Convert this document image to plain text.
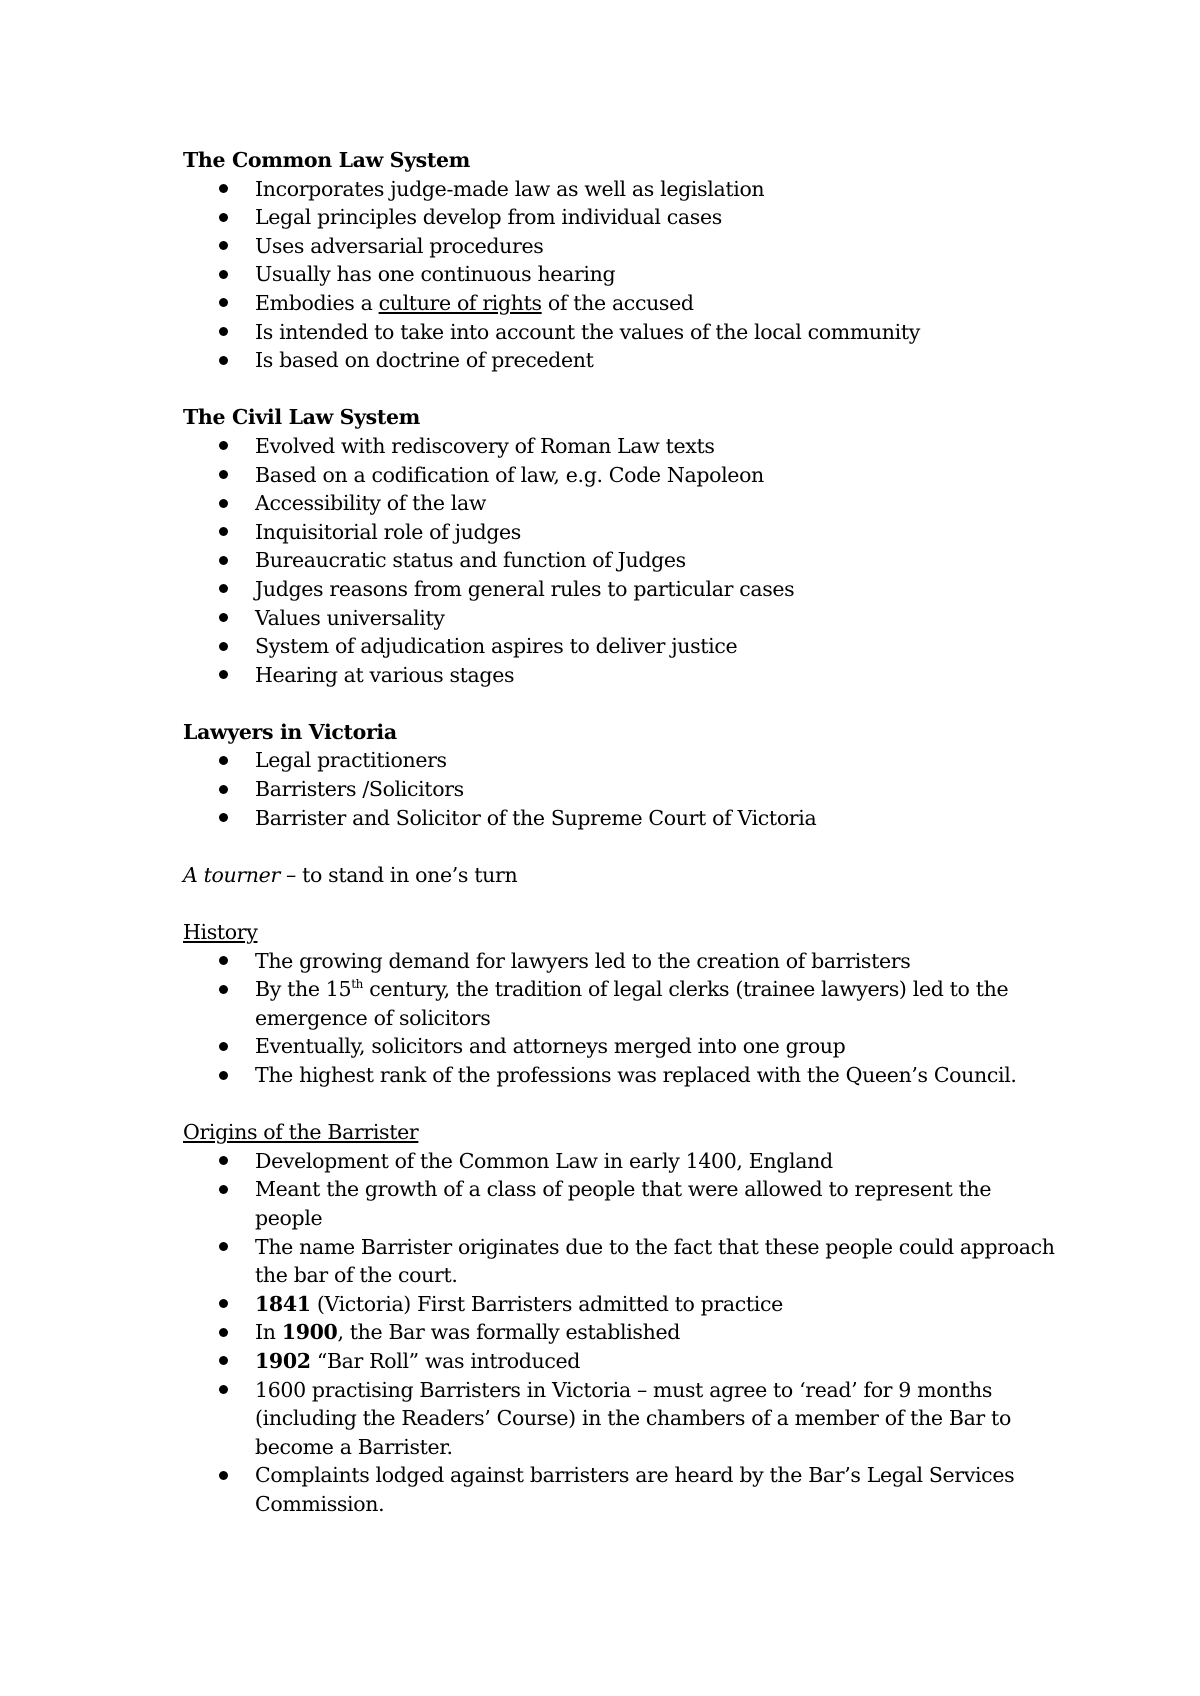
The Common Law System

Incorporates judge-made law as well as legislation
Legal principles develop from individual cases
Uses adversarial procedures
Usually has one continuous hearing
Embodies a culture of rights of the accused
Is intended to take into account the values of the local community
Is based on doctrine of precedent

The Civil Law System

Evolved with rediscovery of Roman Law texts
Based on a codification of law, e.g. Code Napoleon
Accessibility of the law
Inquisitorial role of judges
Bureaucratic status and function of Judges
Judges reasons from general rules to particular cases
Values universality
System of adjudication aspires to deliver justice
Hearing at various stages

Lawyers in Victoria

Legal practitioners
Barristers /Solicitors
Barrister and Solicitor of the Supreme Court of Victoria

A tourner – to stand in one’s turn

History

The growing demand for lawyers led to the creation of barristers
By the 15th century, the tradition of legal clerks (trainee lawyers) led to the emergence of solicitors
Eventually, solicitors and attorneys merged into one group
The highest rank of the professions was replaced with the Queen’s Council.

Origins of the Barrister

Development of the Common Law in early 1400, England
Meant the growth of a class of people that were allowed to represent the people
The name Barrister originates due to the fact that these people could approach the bar of the court.
1841 (Victoria) First Barristers admitted to practice
In 1900, the Bar was formally established
1902 “Bar Roll” was introduced
1600 practising Barristers in Victoria – must agree to ‘read’ for 9 months (including the Readers’ Course) in the chambers of a member of the Bar to become a Barrister.
Complaints lodged against barristers are heard by the Bar’s Legal Services Commission.
